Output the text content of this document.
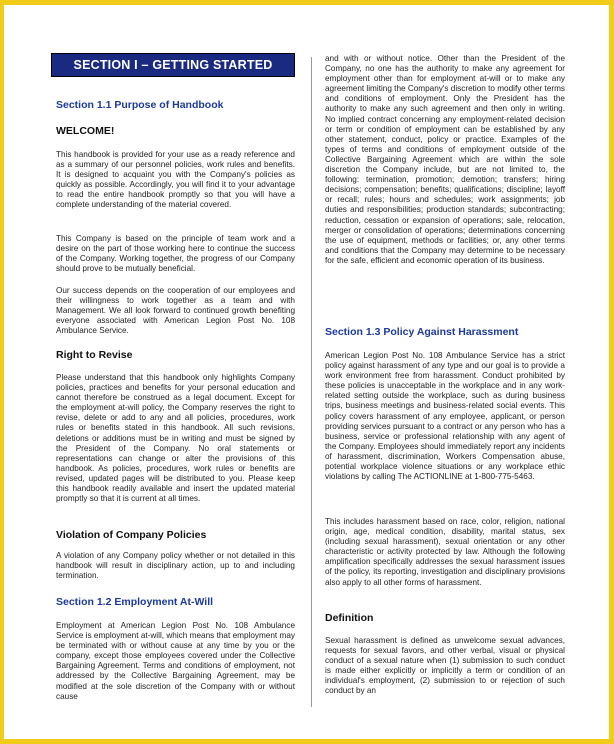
SECTION I – GETTING STARTED
Section 1.1 Purpose of Handbook
WELCOME!

This handbook is provided for your use as a ready reference and as a summary of our personnel policies, work rules and benefits. It is designed to acquaint you with the Company's policies as quickly as possible. Accordingly, you will find it to your advantage to read the entire handbook promptly so that you will have a complete understanding of the material covered.

This Company is based on the principle of team work and a desire on the part of those working here to continue the success of the Company. Working together, the progress of our Company should prove to be mutually beneficial.

Our success depends on the cooperation of our employees and their willingness to work together as a team and with Management. We all look forward to continued growth benefiting everyone associated with American Legion Post No. 108 Ambulance Service.

Right to Revise

Please understand that this handbook only highlights Company policies, practices and benefits for your personal education and cannot therefore be construed as a legal document. Except for the employment at-will policy, the Company reserves the right to revise, delete or add to any and all policies, procedures, work rules or benefits stated in this handbook. All such revisions, deletions or additions must be in writing and must be signed by the President of the Company. No oral statements or representations can change or alter the provisions of this handbook. As policies, procedures, work rules or benefits are revised, updated pages will be distributed to you. Please keep this handbook readily available and insert the updated material promptly so that it is current at all times.

Violation of Company Policies

A violation of any Company policy whether or not detailed in this handbook will result in disciplinary action, up to and including termination.

Section 1.2 Employment At-Will

Employment at American Legion Post No. 108 Ambulance Service is employment at-will, which means that employment may be terminated with or without cause at any time by you or the company, except those employees covered under the Collective Bargaining Agreement. Terms and conditions of employment, not addressed by the Collective Bargaining Agreement, may be modified at the sole discretion of the Company with or without cause

and with or without notice. Other than the President of the Company, no one has the authority to make any agreement for employment other than for employment at-will or to make any agreement limiting the Company's discretion to modify other terms and conditions of employment. Only the President has the authority to make any such agreement and then only in writing. No implied contract concerning any employment-related decision or term or condition of employment can be established by any other statement, conduct, policy or practice. Examples of the types of terms and conditions of employment outside of the Collective Bargaining Agreement which are within the sole discretion the Company include, but are not limited to, the following: termination, promotion; demotion; transfers; hiring decisions; compensation; benefits; qualifications; discipline; layoff or recall; rules; hours and schedules; work assignments; job duties and responsibilities; production standards; subcontracting; reduction, cessation or expansion of operations; sale, relocation, merger or consolidation of operations; determinations concerning the use of equipment, methods or facilities; or, any other terms and conditions that the Company may determine to be necessary for the safe, efficient and economic operation of its business.

Section 1.3 Policy Against Harassment

American Legion Post No. 108 Ambulance Service has a strict policy against harassment of any type and our goal is to provide a work environment free from harassment. Conduct prohibited by these policies is unacceptable in the workplace and in any work-related setting outside the workplace, such as during business trips, business meetings and business-related social events. This policy covers harassment of any employee, applicant, or person providing services pursuant to a contract or any person who has a business, service or professional relationship with any agent of the Company. Employees should immediately report any incidents of harassment, discrimination, Workers Compensation abuse, potential workplace violence situations or any workplace ethic violations by calling The ACTIONLINE at 1-800-775-5463.

This includes harassment based on race, color, religion, national origin, age, medical condition, disability, marital status, sex (including sexual harassment), sexual orientation or any other characteristic or activity protected by law. Although the following amplification specifically addresses the sexual harassment issues of the policy, its reporting, investigation and disciplinary provisions also apply to all other forms of harassment.

Definition

Sexual harassment is defined as unwelcome sexual advances, requests for sexual favors, and other verbal, visual or physical conduct of a sexual nature when (1) submission to such conduct is made either explicitly or implicitly a term or condition of an individual's employment, (2) submission to or rejection of such conduct by an
